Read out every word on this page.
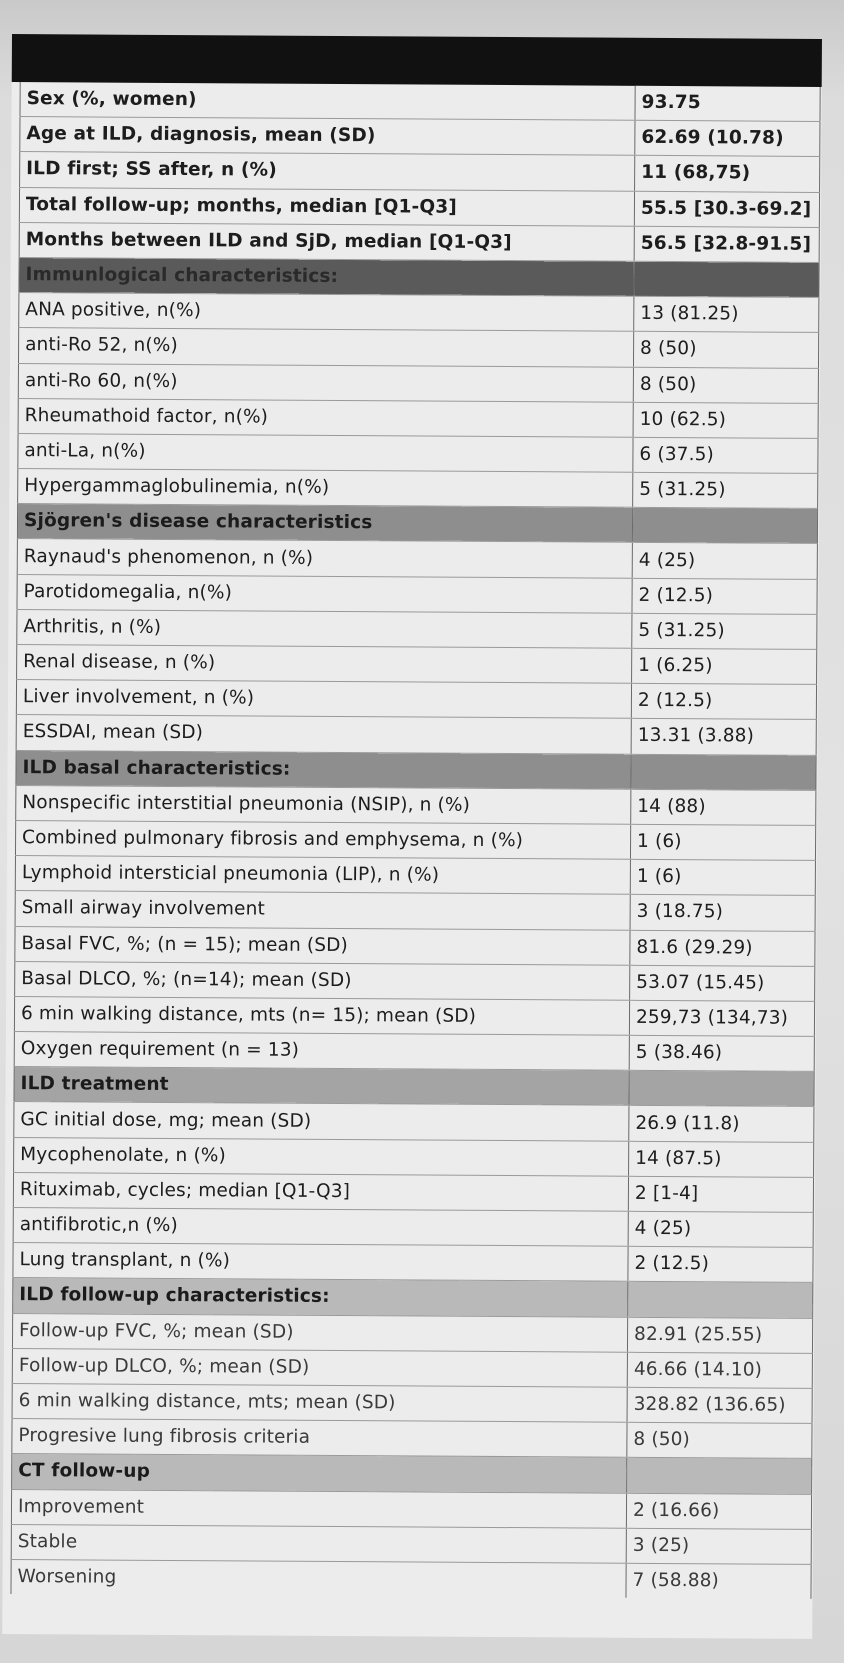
Sex (%, women)	93.75
Age at ILD, diagnosis, mean (SD)	62.69 (10.78)
ILD first; SS after, n (%)	11 (68,75)
Total follow-up; months, median [Q1-Q3]	55.5 [30.3-69.2]
Months between ILD and SjD, median [Q1-Q3]	56.5 [32.8-91.5]
Immunlogical characteristics:	
ANA positive, n(%)	13 (81.25)
anti-Ro 52, n(%)	8 (50)
anti-Ro 60, n(%)	8 (50)
Rheumathoid factor, n(%)	10 (62.5)
anti-La, n(%)	6 (37.5)
Hypergammaglobulinemia, n(%)	5 (31.25)
Sjögren's disease characteristics	
Raynaud's phenomenon, n (%)	4 (25)
Parotidomegalia, n(%)	2 (12.5)
Arthritis, n (%)	5 (31.25)
Renal disease, n (%)	1 (6.25)
Liver involvement, n (%)	2 (12.5)
ESSDAI, mean (SD)	13.31 (3.88)
ILD basal characteristics:	
Nonspecific interstitial pneumonia (NSIP), n (%)	14 (88)
Combined pulmonary fibrosis and emphysema, n (%)	1 (6)
Lymphoid intersticial pneumonia (LIP), n (%)	1 (6)
Small airway involvement	3 (18.75)
Basal FVC, %; (n = 15); mean (SD)	81.6 (29.29)
Basal DLCO, %; (n=14); mean (SD)	53.07 (15.45)
6 min walking distance, mts (n= 15); mean (SD)	259,73 (134,73)
Oxygen requirement (n = 13)	5 (38.46)
ILD treatment	
GC initial dose, mg; mean (SD)	26.9 (11.8)
Mycophenolate, n (%)	14 (87.5)
Rituximab, cycles; median [Q1-Q3]	2 [1-4]
antifibrotic,n (%)	4 (25)
Lung transplant, n (%)	2 (12.5)
ILD follow-up characteristics:	
Follow-up FVC, %; mean (SD)	82.91 (25.55)
Follow-up DLCO, %; mean (SD)	46.66 (14.10)
6 min walking distance, mts; mean (SD)	328.82 (136.65)
Progresive lung fibrosis criteria	8 (50)
CT follow-up	
Improvement	2 (16.66)
Stable	3 (25)
Worsening	7 (58.88)
